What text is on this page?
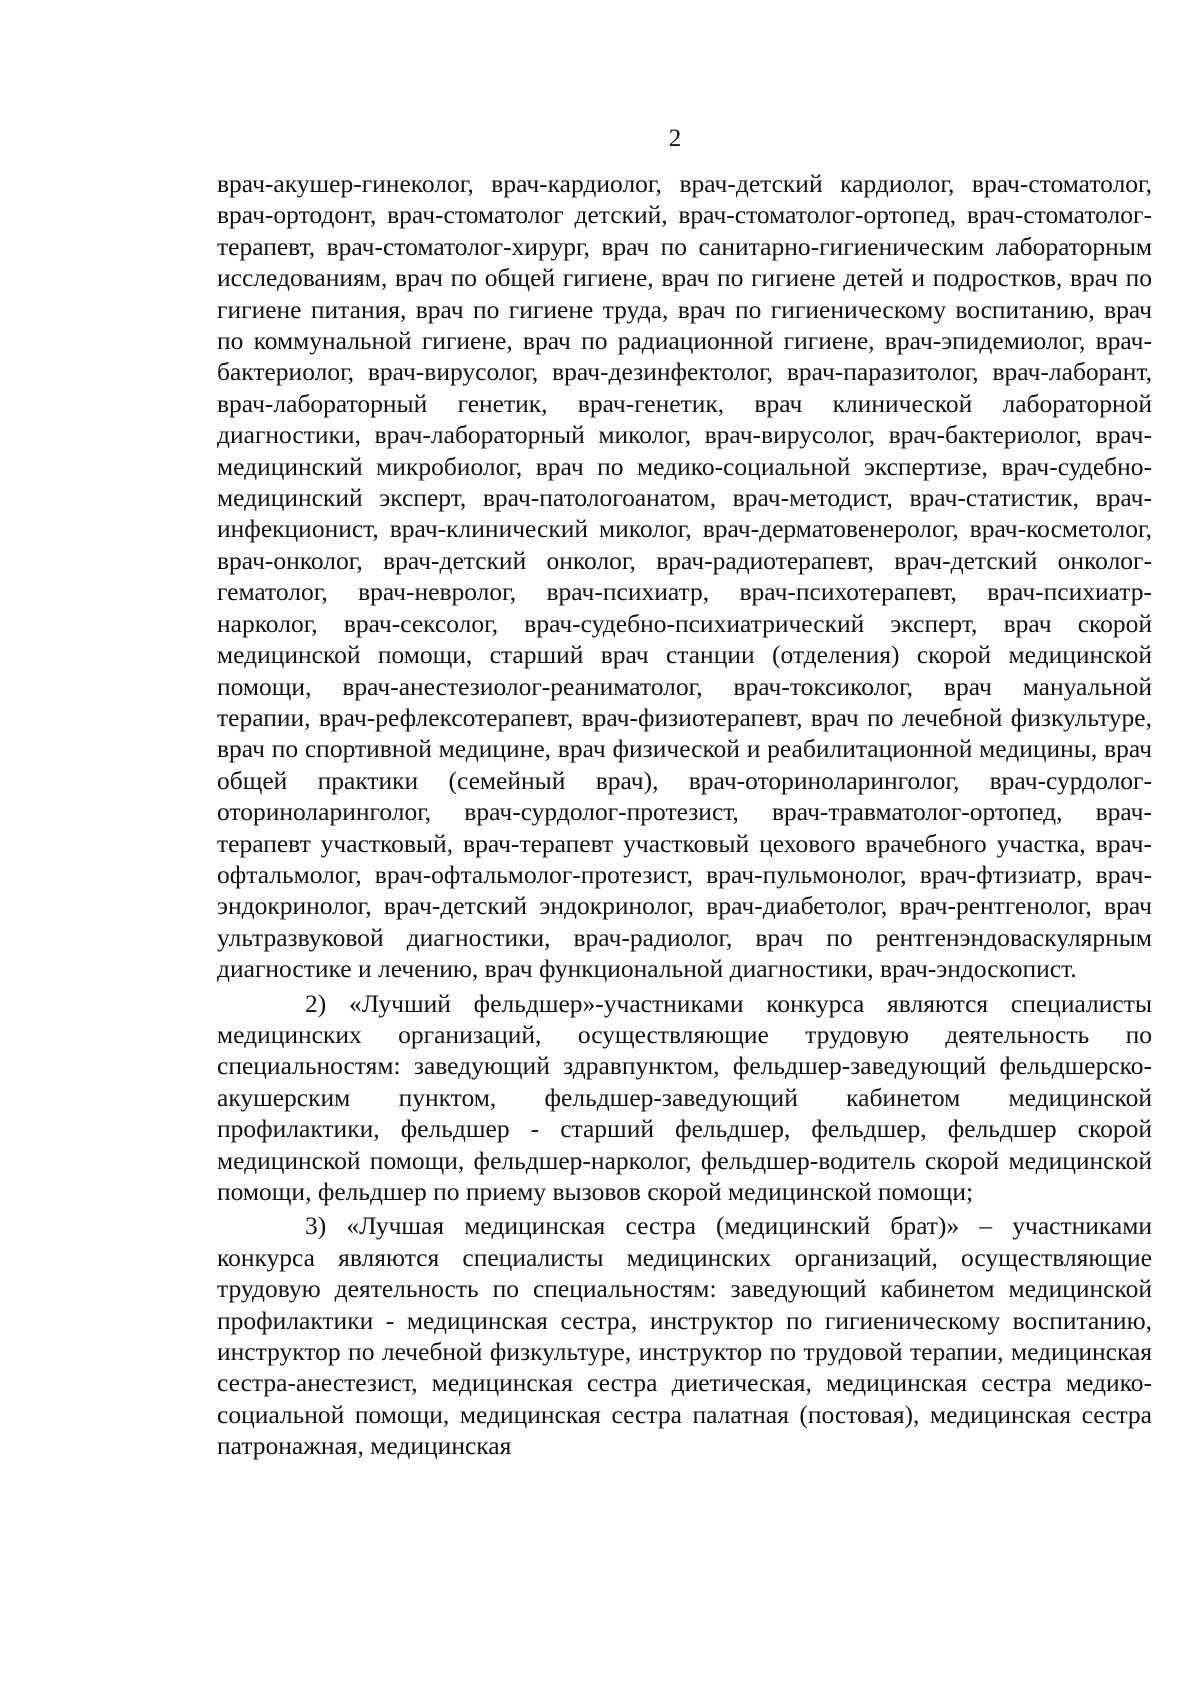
2

врач-акушер-гинеколог, врач-кардиолог, врач-детский кардиолог, врач-стоматолог, врач-ортодонт, врач-стоматолог детский, врач-стоматолог-ортопед, врач-стоматолог-терапевт, врач-стоматолог-хирург, врач по санитарно-гигиеническим лабораторным исследованиям, врач по общей гигиене, врач по гигиене детей и подростков, врач по гигиене питания, врач по гигиене труда, врач по гигиеническому воспитанию, врач по коммунальной гигиене, врач по радиационной гигиене, врач-эпидемиолог, врач-бактериолог, врач-вирусолог, врач-дезинфектолог, врач-паразитолог, врач-лаборант, врач-лабораторный генетик, врач-генетик, врач клинической лабораторной диагностики, врач-лабораторный миколог, врач-вирусолог, врач-бактериолог, врач-медицинский микробиолог, врач по медико-социальной экспертизе, врач-судебно-медицинский эксперт, врач-патологоанатом, врач-методист, врач-статистик, врач-инфекционист, врач-клинический миколог, врач-дерматовенеролог, врач-косметолог, врач-онколог, врач-детский онколог, врач-радиотерапевт, врач-детский онколог-гематолог, врач-невролог, врач-психиатр, врач-психотерапевт, врач-психиатр-нарколог, врач-сексолог, врач-судебно-психиатрический эксперт, врач скорой медицинской помощи, старший врач станции (отделения) скорой медицинской помощи, врач-анестезиолог-реаниматолог, врач-токсиколог, врач мануальной терапии, врач-рефлексотерапевт, врач-физиотерапевт, врач по лечебной физкультуре, врач по спортивной медицине, врач физической и реабилитационной медицины, врач общей практики (семейный врач), врач-оториноларинголог, врач-сурдолог-оториноларинголог, врач-сурдолог-протезист, врач-травматолог-ортопед, врач-терапевт участковый, врач-терапевт участковый цехового врачебного участка, врач-офтальмолог, врач-офтальмолог-протезист, врач-пульмонолог, врач-фтизиатр, врач-эндокринолог, врач-детский эндокринолог, врач-диабетолог, врач-рентгенолог, врач ультразвуковой диагностики, врач-радиолог, врач по рентгенэндоваскулярным диагностике и лечению, врач функциональной диагностики, врач-эндоскопист.

2) «Лучший фельдшер»-участниками конкурса являются специалисты медицинских организаций, осуществляющие трудовую деятельность по специальностям: заведующий здравпунктом, фельдшер-заведующий фельдшерско-акушерским пунктом, фельдшер-заведующий кабинетом медицинской профилактики, фельдшер - старший фельдшер, фельдшер, фельдшер скорой медицинской помощи, фельдшер-нарколог, фельдшер-водитель скорой медицинской помощи, фельдшер по приему вызовов скорой медицинской помощи;

3) «Лучшая медицинская сестра (медицинский брат)» – участниками конкурса являются специалисты медицинских организаций, осуществляющие трудовую деятельность по специальностям: заведующий кабинетом медицинской профилактики - медицинская сестра, инструктор по гигиеническому воспитанию, инструктор по лечебной физкультуре, инструктор по трудовой терапии, медицинская сестра-анестезист, медицинская сестра диетическая, медицинская сестра медико-социальной помощи, медицинская сестра палатная (постовая), медицинская сестра патронажная, медицинская
